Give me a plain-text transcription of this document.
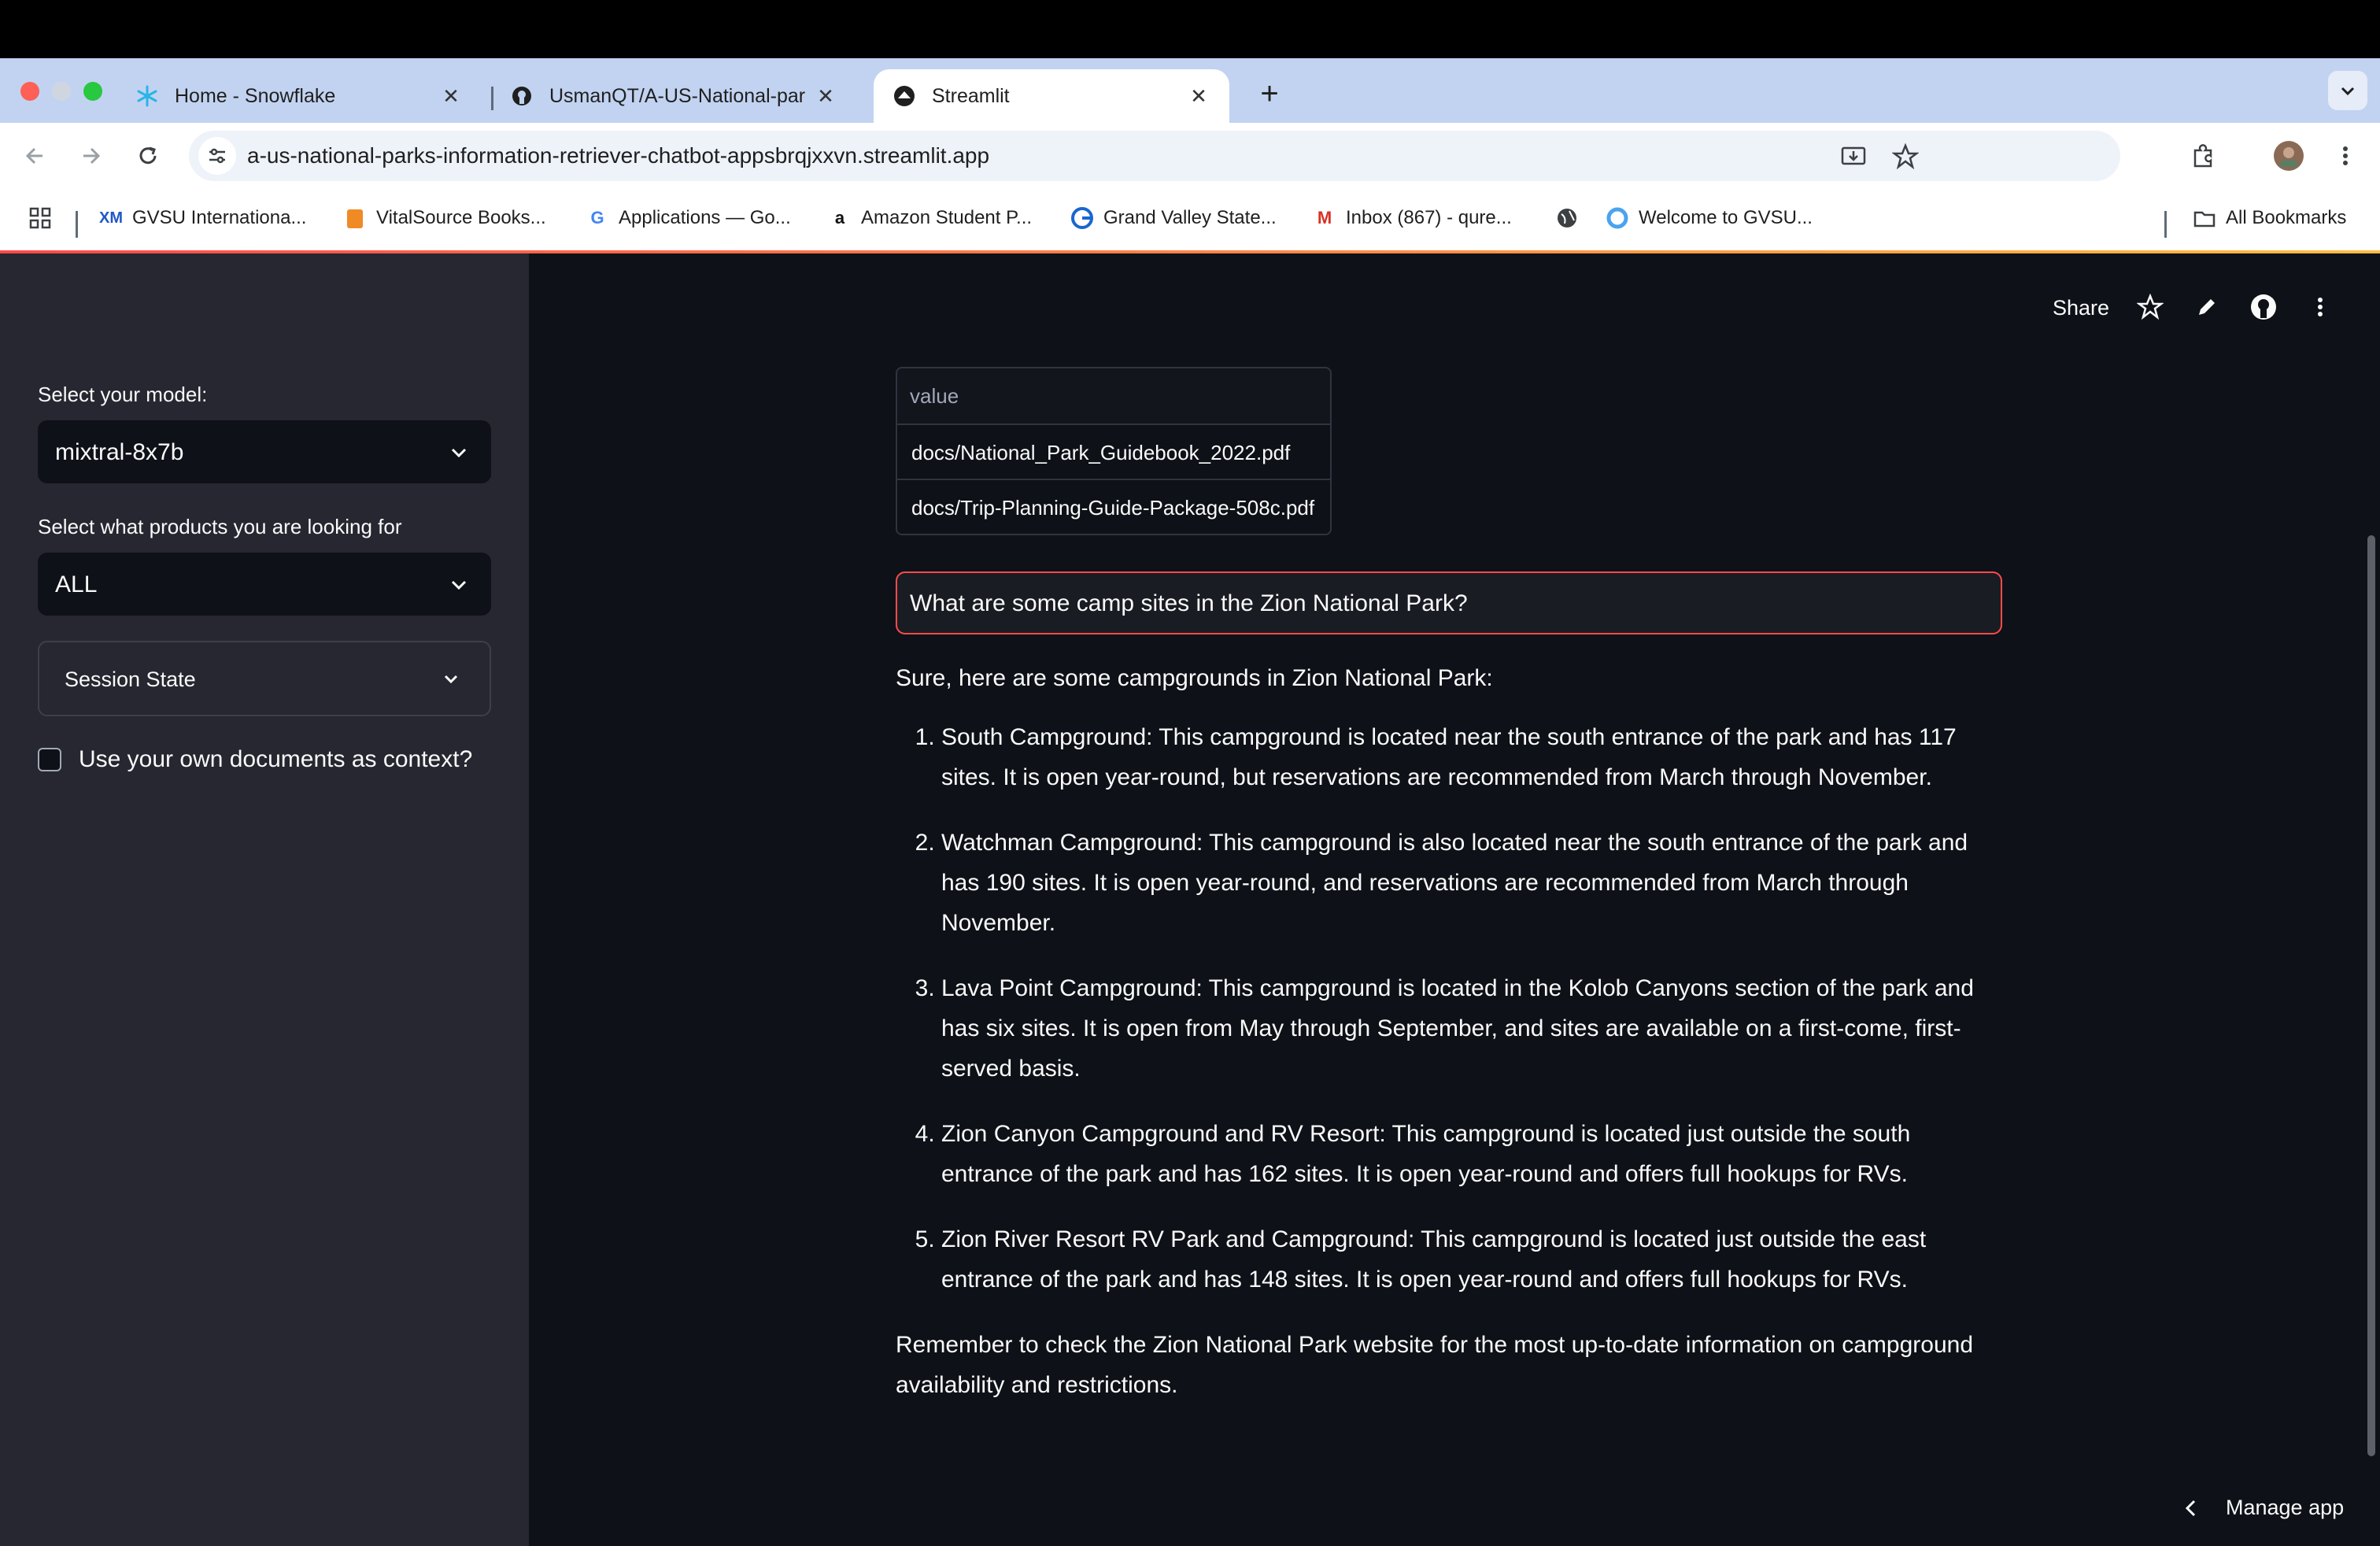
Home - Snowflake	✕	UsmanQT/A-US-National-par ✕	Streamlit	✕ +
a-us-national-parks-information-retriever-chatbot-appsbrqjxxvn.streamlit.app
XM GVSU Internationa...	VitalSource Books...	G Applications — Go...	a Amazon Student P...	Grand Valley State... M Inbox (867) - qure...	Welcome to GVSU...	All Bookmarks
Select your model:
mixtral-8x7b
Select what products you are looking for
ALL
Session State
Use your own documents as context?
Share
value
docs/National_Park_Guidebook_2022.pdf
docs/Trip-Planning-Guide-Package-508c.pdf
What are some camp sites in the Zion National Park?

Sure, here are some campgrounds in Zion National Park:

1. South Campground: This campground is located near the south entrance of the park and has 117 sites. It is open year-round, but reservations are recommended from March through November.
2. Watchman Campground: This campground is also located near the south entrance of the park and has 190 sites. It is open year-round, and reservations are recommended from March through November.
3. Lava Point Campground: This campground is located in the Kolob Canyons section of the park and has six sites. It is open from May through September, and sites are available on a first-come, first-served basis.
4. Zion Canyon Campground and RV Resort: This campground is located just outside the south entrance of the park and has 162 sites. It is open year-round and offers full hookups for RVs.
5. Zion River Resort RV Park and Campground: This campground is located just outside the east entrance of the park and has 148 sites. It is open year-round and offers full hookups for RVs.

Remember to check the Zion National Park website for the most up-to-date information on campground availability and restrictions.

Manage app
